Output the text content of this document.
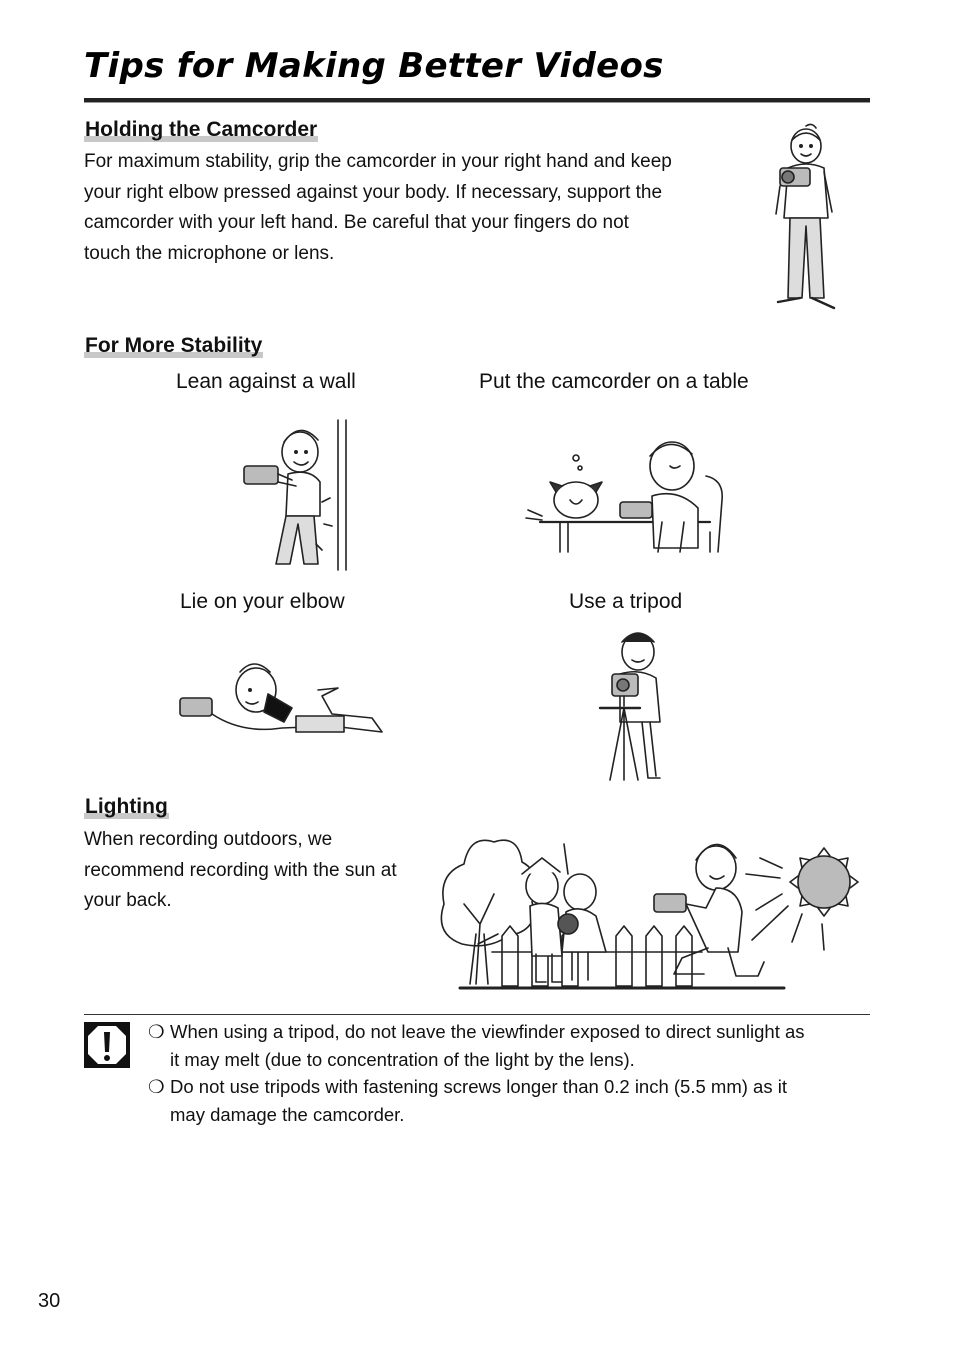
Tips for Making Better Videos
Holding the Camcorder

For maximum stability, grip the camcorder in your right hand and keep

your right elbow pressed against your body. If necessary, support the

camcorder with your left hand. Be careful that your fingers do not

touch the microphone or lens.

For More Stability
Lean against a wall	Put the camcorder on a table
Lie on your elbow	Use a tripod
Lighting

When recording outdoors, we

recommend recording with the sun at

your back.

❍ When using a tripod, do not leave the viewfinder exposed to direct sunlight as
it may melt (due to concentration of the light by the lens).
❍ Do not use tripods with fastening screws longer than 0.2 inch (5.5 mm) as it
may damage the camcorder.
30
